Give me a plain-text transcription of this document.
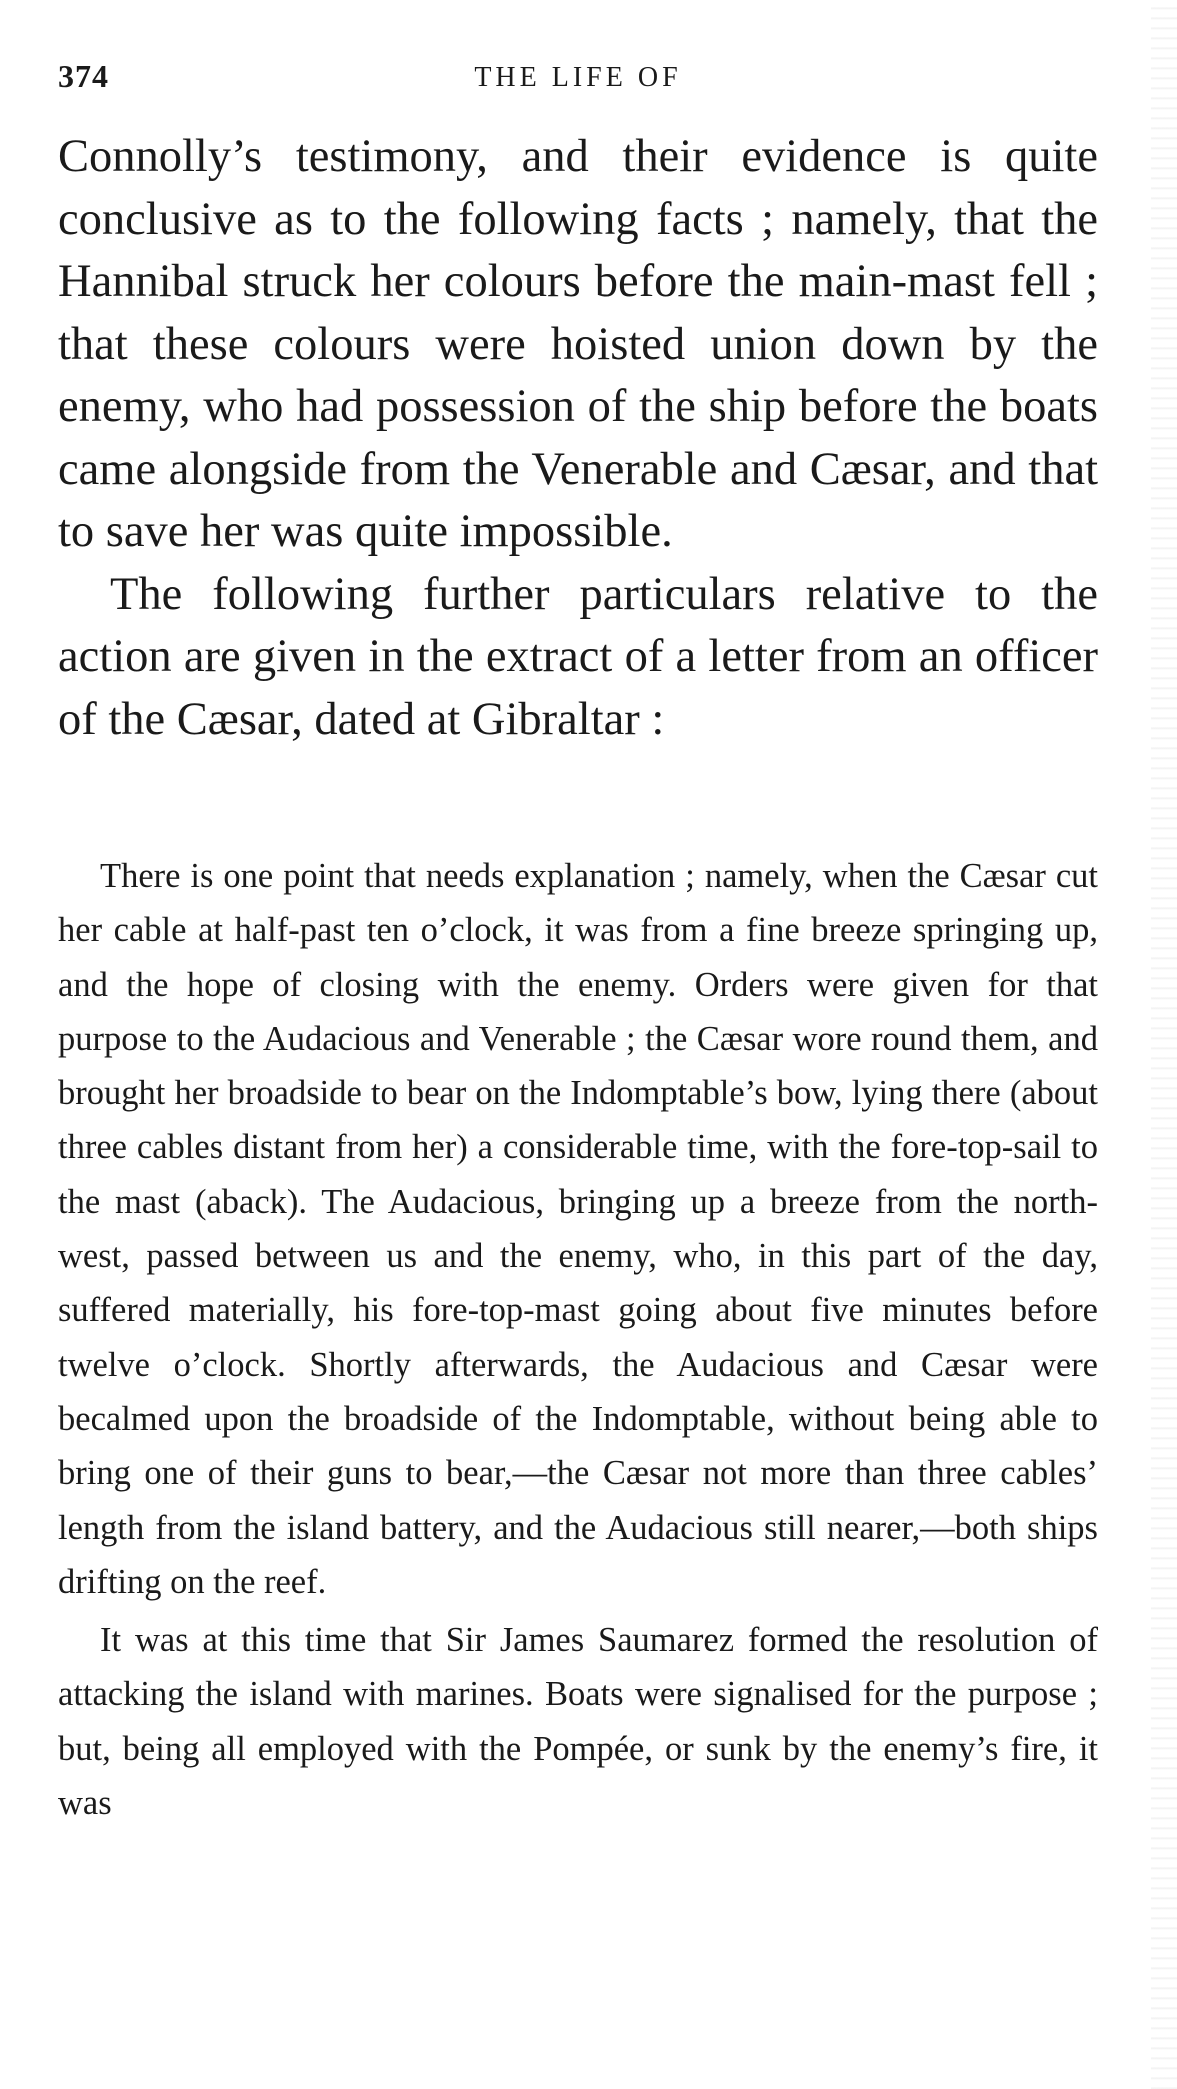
374	THE LIFE OF

Connolly’s testimony, and their evidence is quite conclusive as to the following facts ; namely, that the Hannibal struck her colours before the main-mast fell ; that these colours were hoisted union down by the enemy, who had possession of the ship before the boats came alongside from the Venerable and Cæsar, and that to save her was quite impossible.

The following further particulars relative to the action are given in the extract of a letter from an officer of the Cæsar, dated at Gibraltar :

There is one point that needs explanation ; namely, when the Cæsar cut her cable at half-past ten o’clock, it was from a fine breeze springing up, and the hope of closing with the enemy. Orders were given for that purpose to the Audacious and Venerable ; the Cæsar wore round them, and brought her broadside to bear on the Indomptable’s bow, lying there (about three cables distant from her) a considerable time, with the fore-top-sail to the mast (aback). The Audacious, bringing up a breeze from the north-west, passed between us and the enemy, who, in this part of the day, suffered materially, his fore-top-mast going about five minutes before twelve o’clock. Shortly afterwards, the Audacious and Cæsar were becalmed upon the broadside of the Indomptable, without being able to bring one of their guns to bear,—the Cæsar not more than three cables’ length from the island battery, and the Audacious still nearer,—both ships drifting on the reef.

It was at this time that Sir James Saumarez formed the resolution of attacking the island with marines. Boats were signalised for the purpose ; but, being all employed with the Pompée, or sunk by the enemy’s fire, it was
